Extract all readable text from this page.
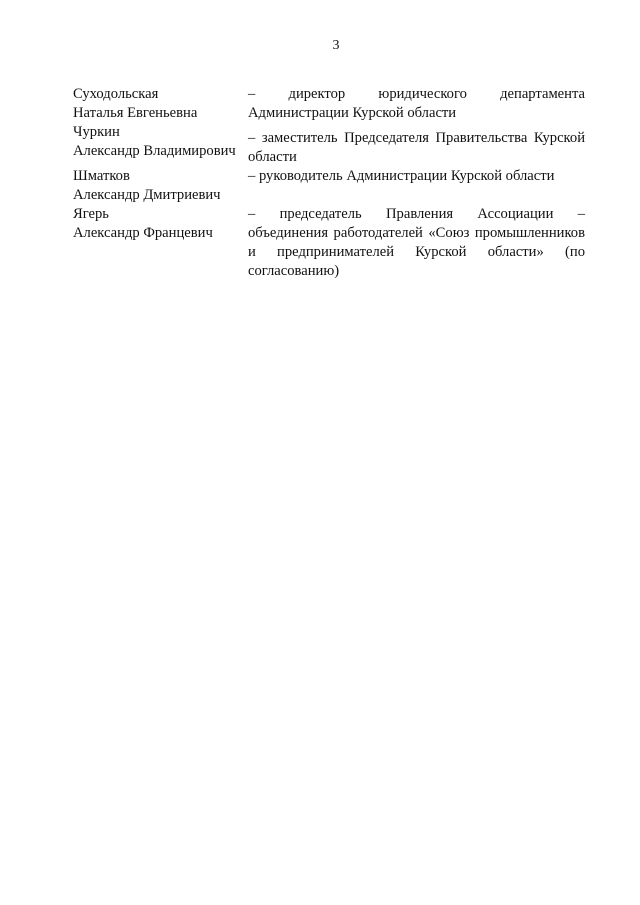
3
Суходольская
Наталья Евгеньевна
– директор юридического департамента Администрации Курской области
Чуркин
Александр Владимирович
– заместитель Председателя Правительства Курской области
Шматков
Александр Дмитриевич
– руководитель Администрации Курской области
Ягерь
Александр Францевич
– председатель Правления Ассоциации – объединения работодателей «Союз промышленников и предпринимателей Курской области» (по согласованию)
